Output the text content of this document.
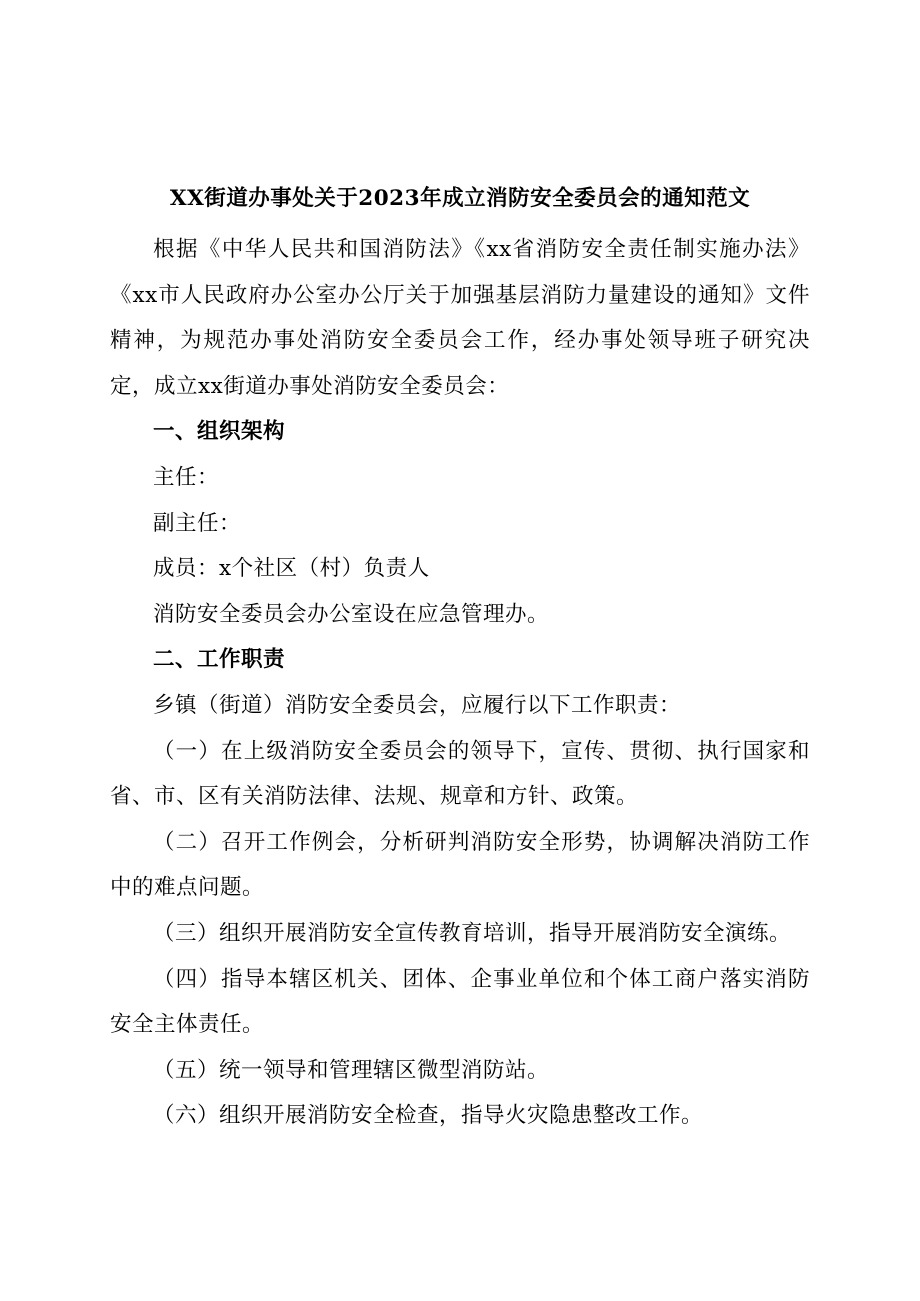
XX街道办事处关于2023年成立消防安全委员会的通知范文

根据《中华人民共和国消防法》《xx省消防安全责任制实施办法》《xx市人民政府办公室办公厅关于加强基层消防力量建设的通知》文件精神，为规范办事处消防安全委员会工作，经办事处领导班子研究决定，成立xx街道办事处消防安全委员会：

一、组织架构

主任：

副主任：

成员：x个社区（村）负责人

消防安全委员会办公室设在应急管理办。

二、工作职责

乡镇（街道）消防安全委员会，应履行以下工作职责：

（一）在上级消防安全委员会的领导下，宣传、贯彻、执行国家和省、市、区有关消防法律、法规、规章和方针、政策。

（二）召开工作例会，分析研判消防安全形势，协调解决消防工作中的难点问题。

（三）组织开展消防安全宣传教育培训，指导开展消防安全演练。

（四）指导本辖区机关、团体、企事业单位和个体工商户落实消防安全主体责任。

（五）统一领导和管理辖区微型消防站。

（六）组织开展消防安全检查，指导火灾隐患整改工作。
